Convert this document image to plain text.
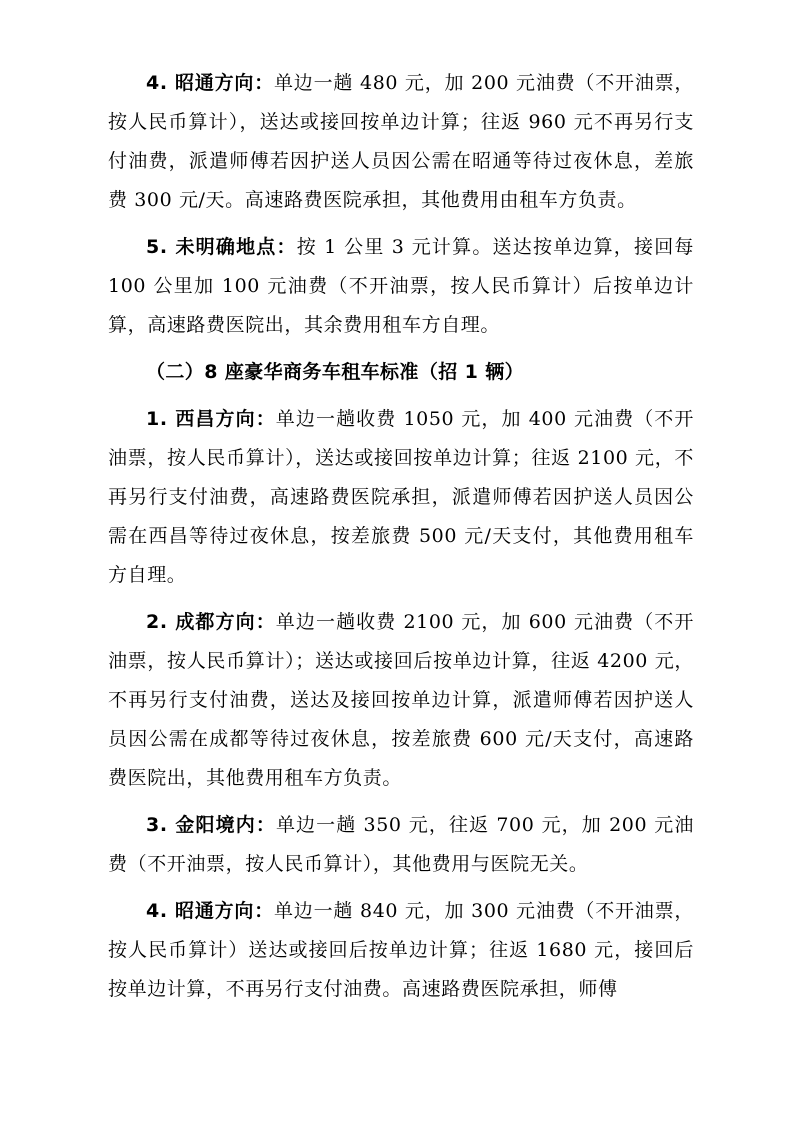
4. 昭通方向：单边一趟 480 元，加 200 元油费（不开油票，按人民币算计），送达或接回按单边计算；往返 960 元不再另行支付油费，派遣师傅若因护送人员因公需在昭通等待过夜休息，差旅费 300 元/天。高速路费医院承担，其他费用由租车方负责。

5. 未明确地点：按 1 公里 3 元计算。送达按单边算，接回每 100 公里加 100 元油费（不开油票，按人民币算计）后按单边计算，高速路费医院出，其余费用租车方自理。

（二）8 座豪华商务车租车标准（招 1 辆）

1. 西昌方向：单边一趟收费 1050 元，加 400 元油费（不开油票，按人民币算计），送达或接回按单边计算；往返 2100 元，不再另行支付油费，高速路费医院承担，派遣师傅若因护送人员因公需在西昌等待过夜休息，按差旅费 500 元/天支付，其他费用租车方自理。

2. 成都方向：单边一趟收费 2100 元，加 600 元油费（不开油票，按人民币算计）；送达或接回后按单边计算，往返 4200 元，不再另行支付油费，送达及接回按单边计算，派遣师傅若因护送人员因公需在成都等待过夜休息，按差旅费 600 元/天支付，高速路费医院出，其他费用租车方负责。

3. 金阳境内：单边一趟 350 元，往返 700 元，加 200 元油费（不开油票，按人民币算计），其他费用与医院无关。

4. 昭通方向：单边一趟 840 元，加 300 元油费（不开油票，按人民币算计）送达或接回后按单边计算；往返 1680 元，接回后按单边计算，不再另行支付油费。高速路费医院承担，师傅
